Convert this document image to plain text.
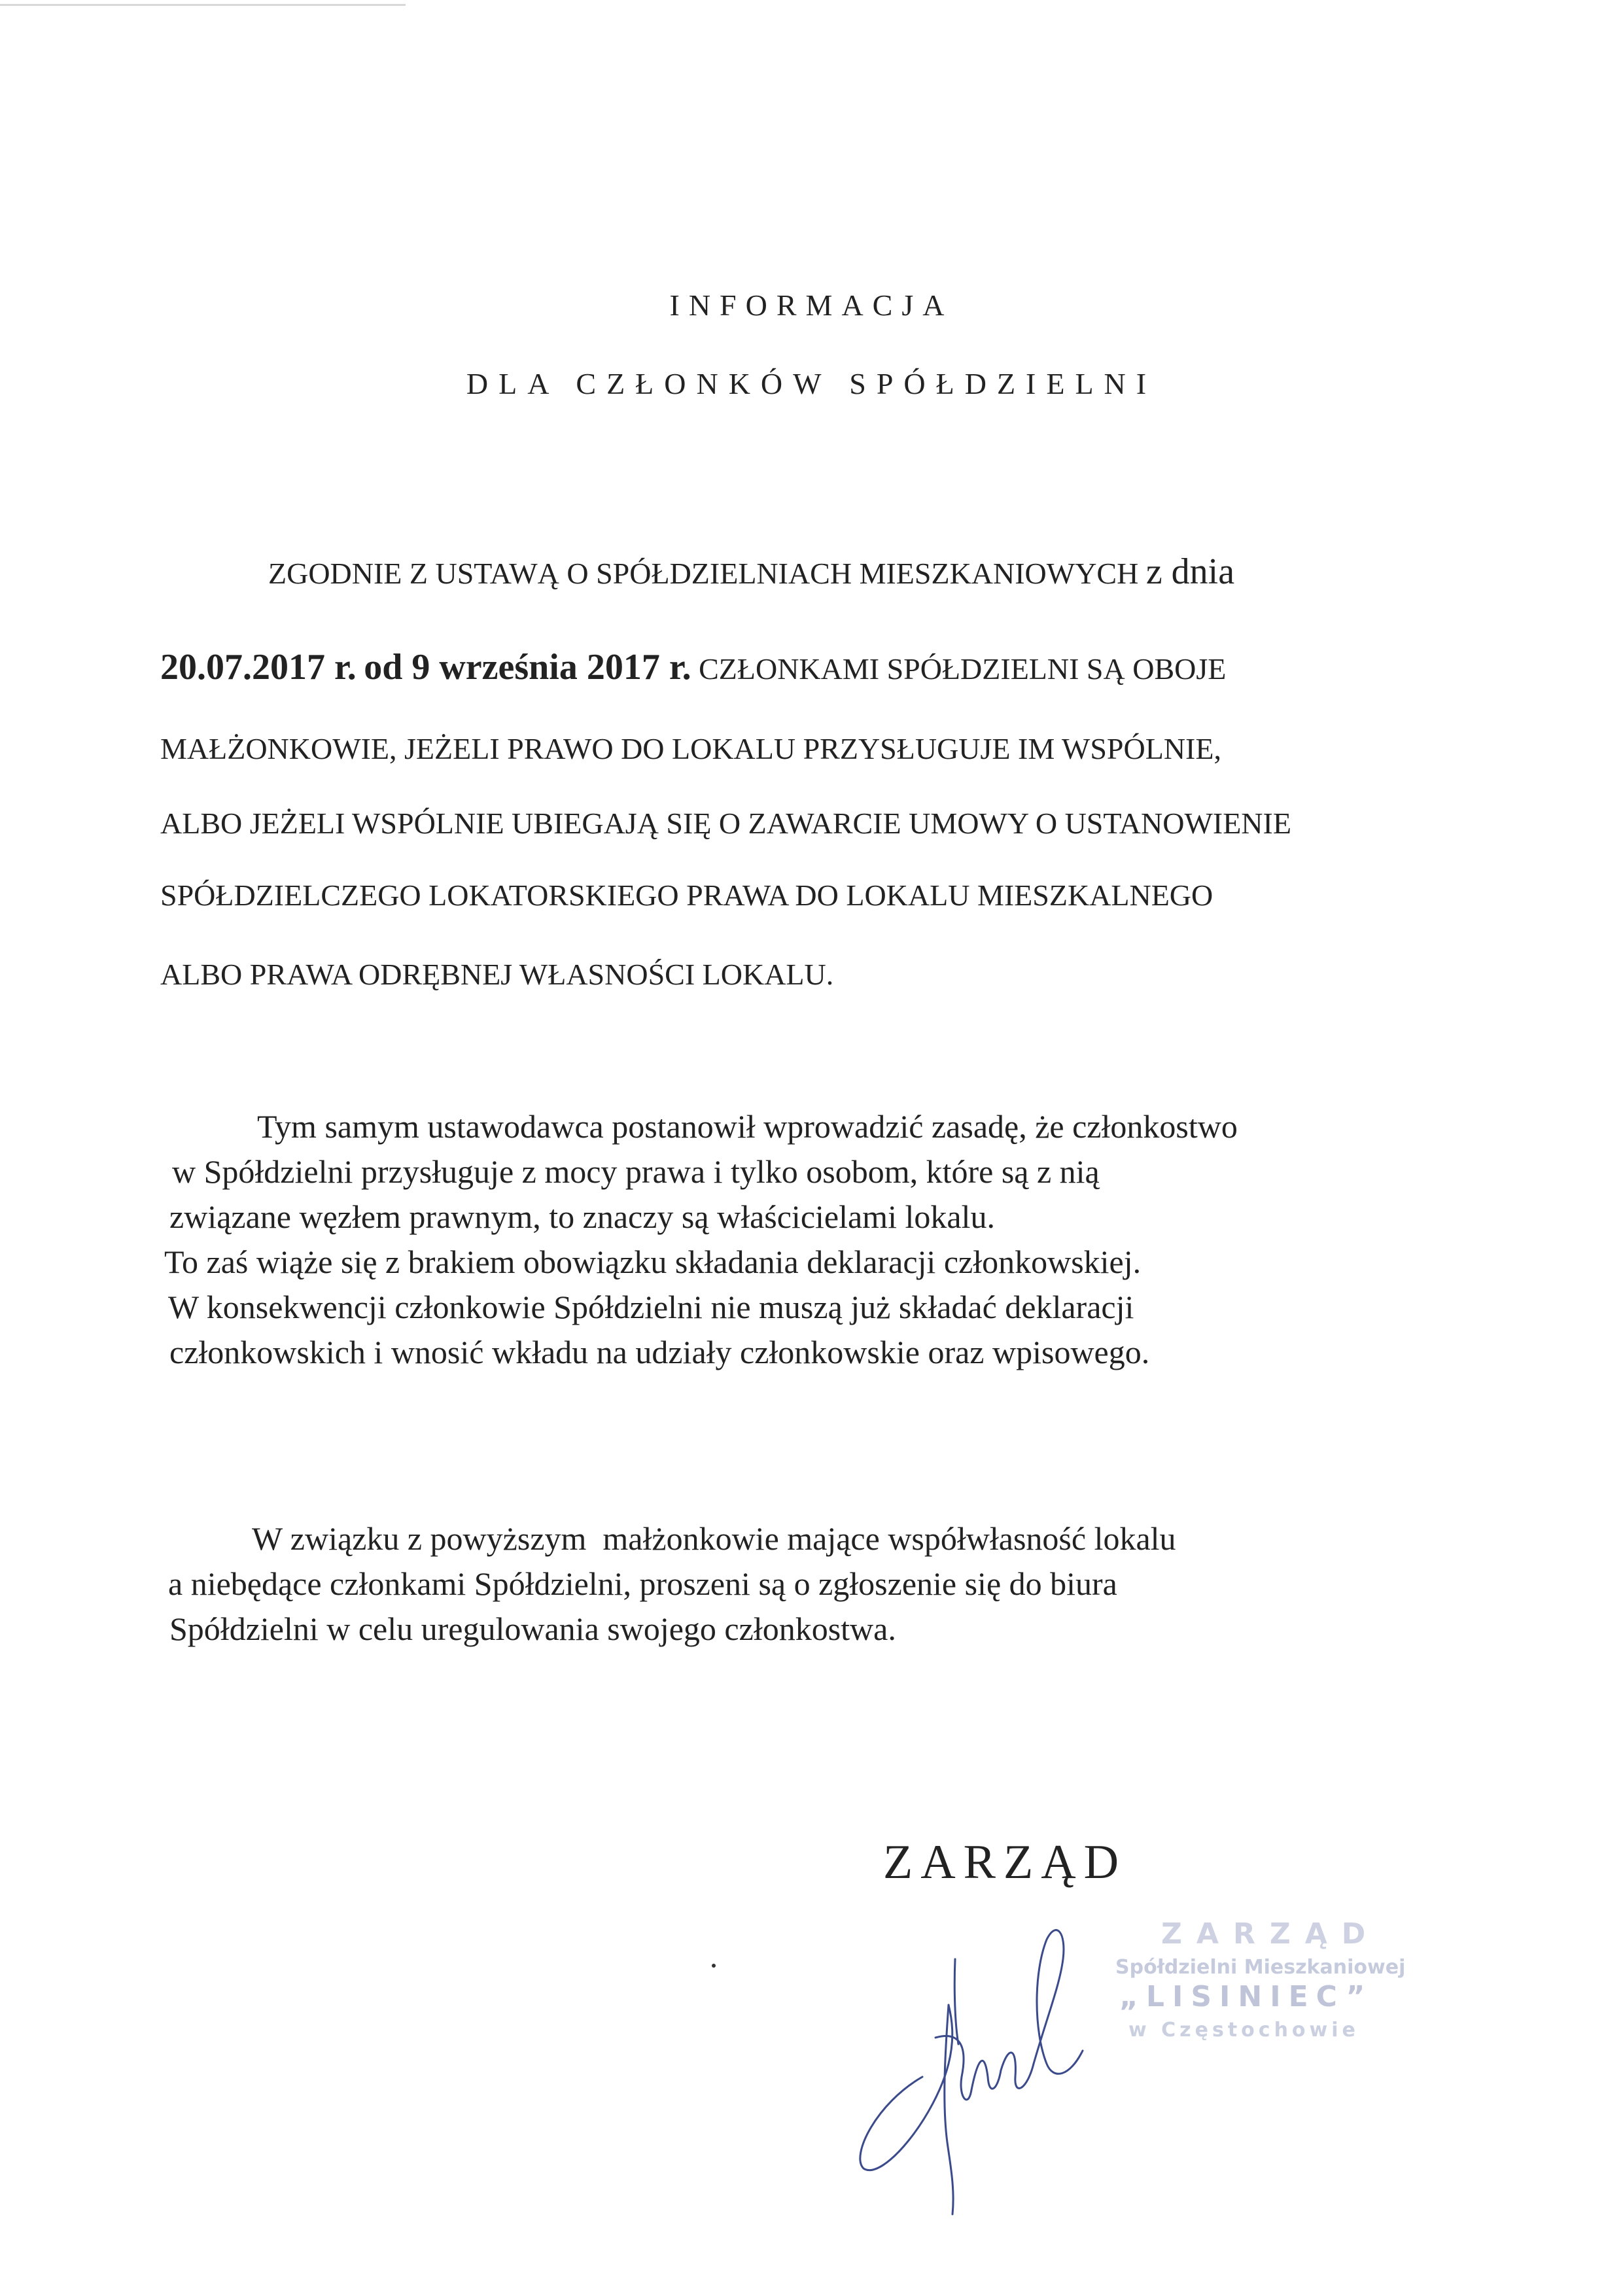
INFORMACJA
DLA CZŁONKÓW SPÓŁDZIELNI
ZGODNIE Z USTAWĄ O SPÓŁDZIELNIACH MIESZKANIOWYCH z dnia
20.07.2017 r. od 9 września 2017 r. CZŁONKAMI SPÓŁDZIELNI SĄ OBOJE
MAŁŻONKOWIE, JEŻELI PRAWO DO LOKALU PRZYSŁUGUJE IM WSPÓLNIE,
ALBO JEŻELI WSPÓLNIE UBIEGAJĄ SIĘ O ZAWARCIE UMOWY O USTANOWIENIE
SPÓŁDZIELCZEGO LOKATORSKIEGO PRAWA DO LOKALU MIESZKALNEGO
ALBO PRAWA ODRĘBNEJ WŁASNOŚCI LOKALU.
Tym samym ustawodawca postanowił wprowadzić zasadę, że członkostwo
w Spółdzielni przysługuje z mocy prawa i tylko osobom, które są z nią
związane węzłem prawnym, to znaczy są właścicielami lokalu.
To zaś wiąże się z brakiem obowiązku składania deklaracji członkowskiej.
W konsekwencji członkowie Spółdzielni nie muszą już składać deklaracji
członkowskich i wnosić wkładu na udziały członkowskie oraz wpisowego.
W związku z powyższym  małżonkowie mające współwłasność lokalu
a niebędące członkami Spółdzielni, proszeni są o zgłoszenie się do biura
Spółdzielni w celu uregulowania swojego członkostwa.
ZARZĄD
ZARZĄD
Spółdzielni Mieszkaniowej
„LISINIEC”
w Częstochowie
